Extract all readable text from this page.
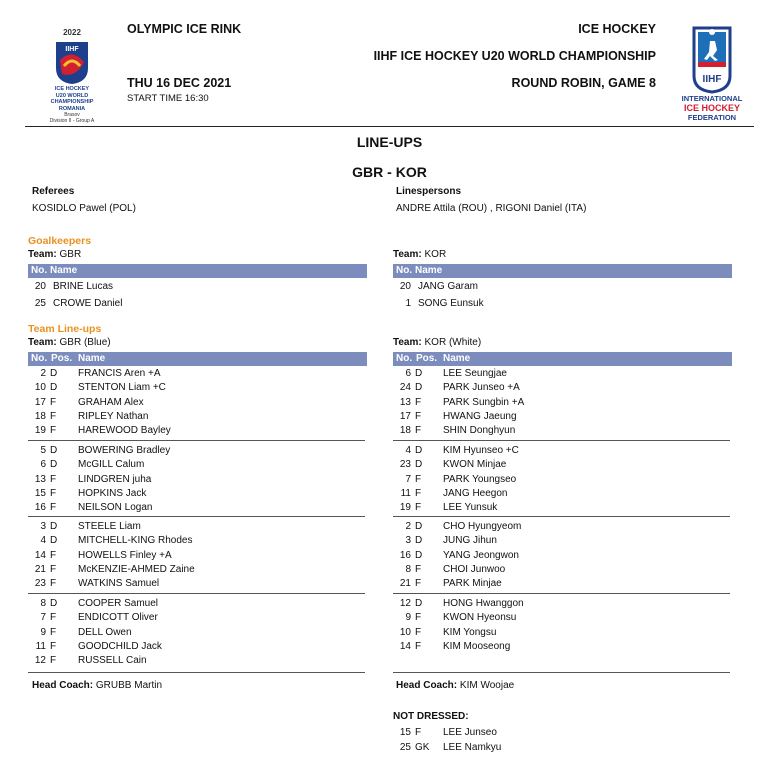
2022
IIHF
ICE HOCKEY
U20 WORLD
CHAMPIONSHIP
ROMANIA
Brasov
Division II - Group A
OLYMPIC ICE RINK
THU 16 DEC 2021
START TIME 16:30
ICE HOCKEY
IIHF ICE HOCKEY U20 WORLD CHAMPIONSHIP
ROUND ROBIN, GAME 8	IIHF
INTERNATIONAL
ICE HOCKEY
FEDERATION
LINE-UPS
GBR - KOR
Referees
KOSIDLO Pawel (POL)
Linespersons
ANDRE Attila (ROU) , RIGONI Daniel (ITA)
Goalkeepers
Team: GBR	Team: KOR
No. Name	No. Name
20 BRINE Lucas
25 CROWE Daniel
20 JANG Garam
1 SONG Eunsuk
Team Line-ups
Team: GBR (Blue)	Team: KOR (White)
No. Pos. Name	No. Pos. Name
2 D FRANCIS Aren +A
10 D STENTON Liam +C
17 F GRAHAM Alex
18 F RIPLEY Nathan
19 F HAREWOOD Bayley
5 D BOWERING Bradley
6 D McGILL Calum
13 F LINDGREN juha
15 F HOPKINS Jack
16 F NEILSON Logan
3 D STEELE Liam
4 D MITCHELL-KING Rhodes
14 F HOWELLS Finley +A
21 F McKENZIE-AHMED Zaine
23 F WATKINS Samuel
8 D COOPER Samuel
7 F ENDICOTT Oliver
9 F DELL Owen
11 F GOODCHILD Jack
12 F RUSSELL Cain
6 D LEE Seungjae
24 D PARK Junseo +A
13 F PARK Sungbin +A
17 F HWANG Jaeung
18 F SHIN Donghyun
4 D KIM Hyunseo +C
23 D KWON Minjae
7 F PARK Youngseo
11 F JANG Heegon
19 F LEE Yunsuk
2 D CHO Hyungyeom
3 D JUNG Jihun
16 D YANG Jeongwon
8 F CHOI Junwoo
21 F PARK Minjae
12 D HONG Hwanggon
9 F KWON Hyeonsu
10 F KIM Yongsu
14 F KIM Mooseong
Head Coach: GRUBB Martin	Head Coach: KIM Woojae
NOT DRESSED:
15 F LEE Junseo
25 GK LEE Namkyu
